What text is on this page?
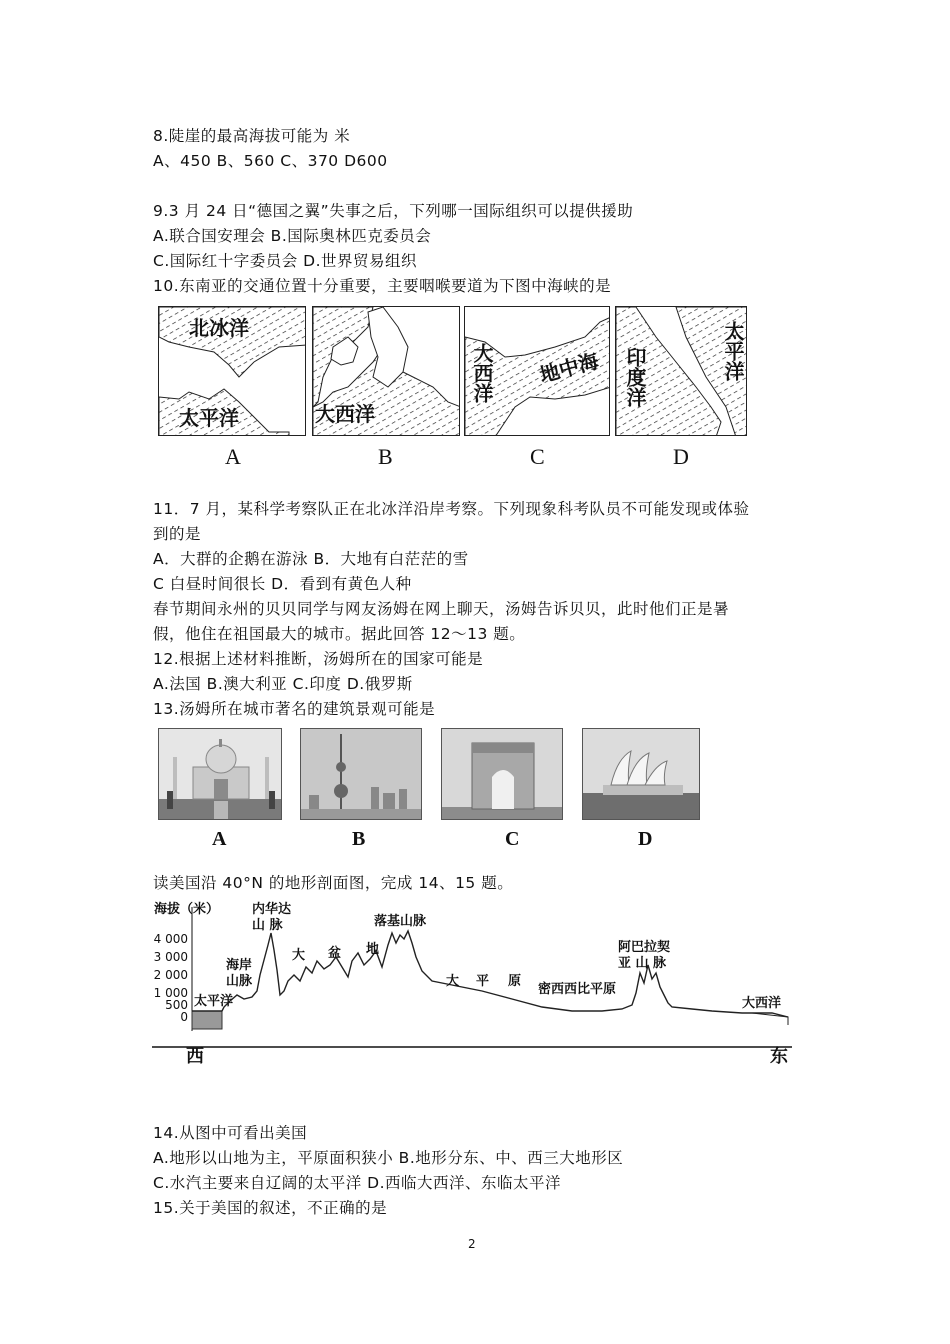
8.陡崖的最高海拔可能为 米
A、450 B、560 C、370 D600
9.3 月 24 日“德国之翼”失事之后，下列哪一国际组织可以提供援助
A.联合国安理会 B.国际奥林匹克委员会
C.国际红十字委员会 D.世界贸易组织
10.东南亚的交通位置十分重要，主要咽喉要道为下图中海峡的是
北冰洋
太平洋
A
大西洋
B
大西洋 地中海
C
印度洋	太平洋
D
11．7 月，某科学考察队正在北冰洋沿岸考察。下列现象科考队员不可能发现或体验
到的是
A．大群的企鹅在游泳 B．大地有白茫茫的雪
C 白昼时间很长 D．看到有黄色人种
春节期间永州的贝贝同学与网友汤姆在网上聊天，汤姆告诉贝贝，此时他们正是暑
假，他住在祖国最大的城市。据此回答 12～13 题。
12.根据上述材料推断，汤姆所在的国家可能是
A.法国 B.澳大利亚 C.印度 D.俄罗斯
13.汤姆所在城市著名的建筑景观可能是
A	B	C	D
读美国沿 40°N 的地形剖面图，完成 14、15 题。
海拔（米）
4 000
3 000
2 000
1 000
500
0
太平洋
海岸
山脉
内华达
山 脉
大 盆 地
落基山脉
大 平 原
密西西比平原
阿巴拉契
亚 山 脉
大西洋
西	东
14.从图中可看出美国
A.地形以山地为主，平原面积狭小 B.地形分东、中、西三大地形区
C.水汽主要来自辽阔的太平洋 D.西临大西洋、东临太平洋
15.关于美国的叙述，不正确的是
2
